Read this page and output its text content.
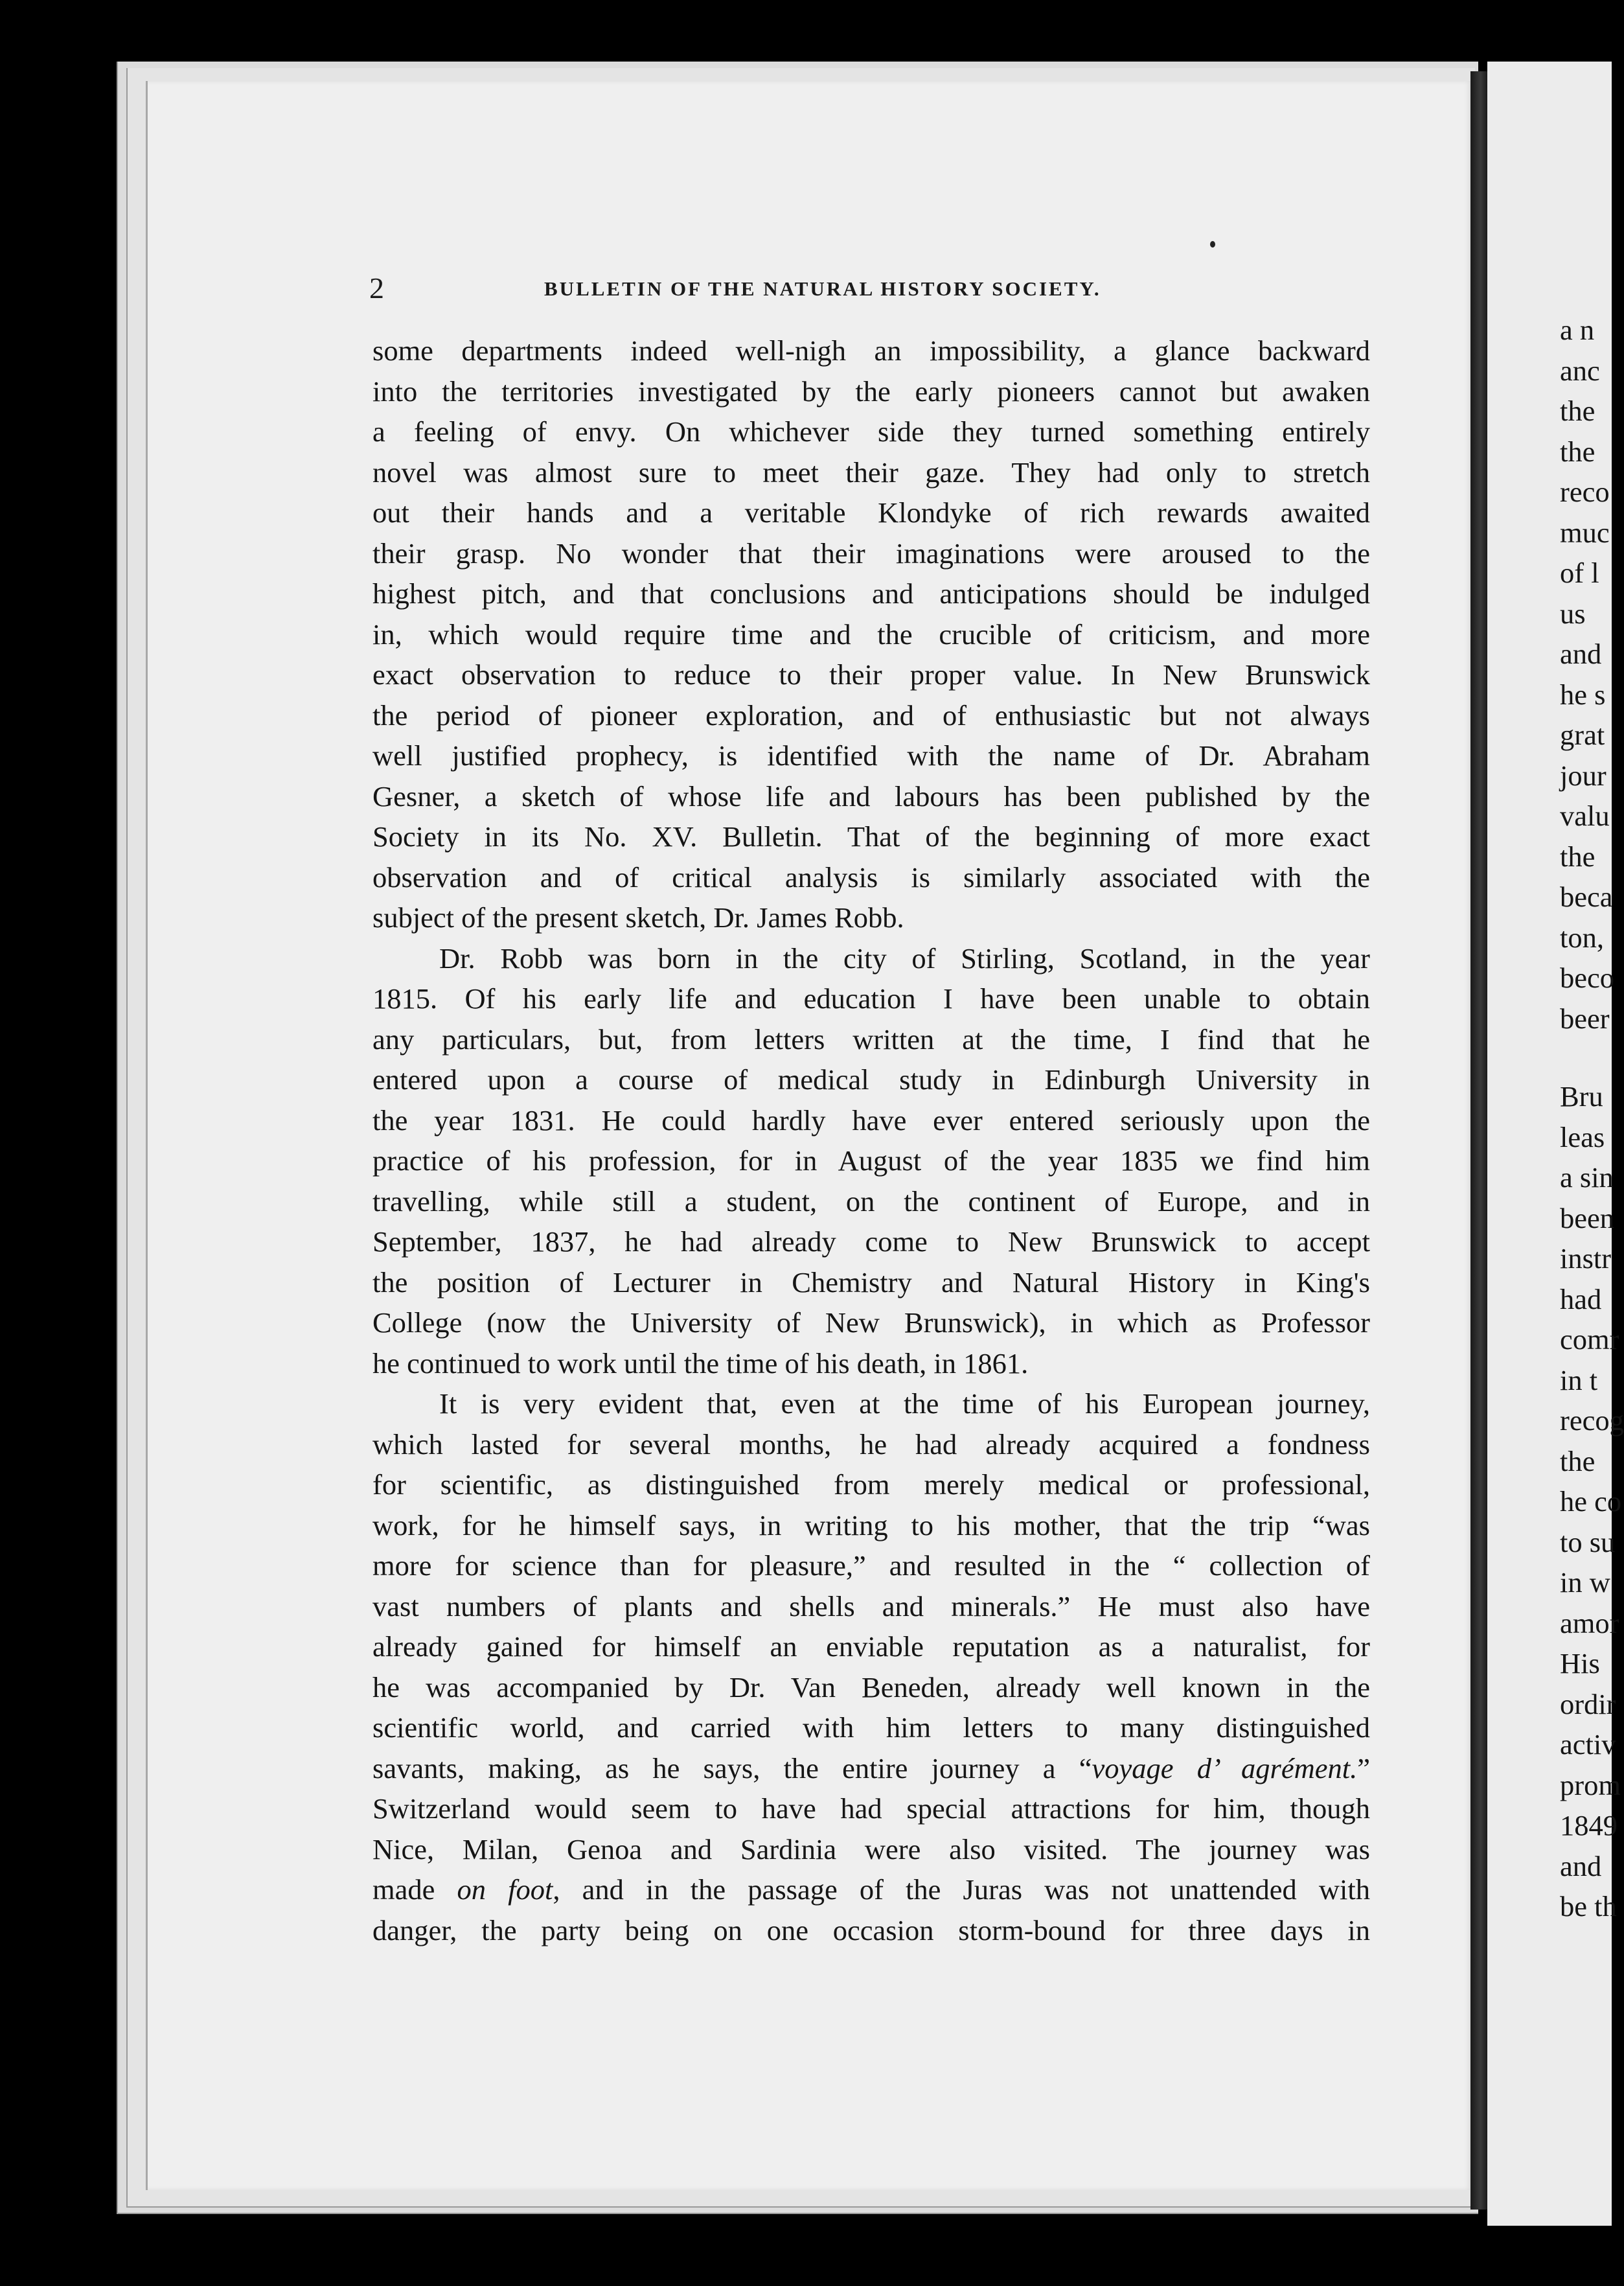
2	BULLETIN OF THE NATURAL HISTORY SOCIETY.
some departments indeed well-nigh an impossibility, a glance backward
into the territories investigated by the early pioneers cannot but awaken
a feeling of envy. On whichever side they turned something entirely
novel was almost sure to meet their gaze. They had only to stretch
out their hands and a veritable Klondyke of rich rewards awaited
their grasp. No wonder that their imaginations were aroused to the
highest pitch, and that conclusions and anticipations should be indulged
in, which would require time and the crucible of criticism, and more
exact observation to reduce to their proper value. In New Brunswick
the period of pioneer exploration, and of enthusiastic but not always
well justified prophecy, is identified with the name of Dr. Abraham
Gesner, a sketch of whose life and labours has been published by the
Society in its No. XV. Bulletin. That of the beginning of more exact
observation and of critical analysis is similarly associated with the
subject of the present sketch, Dr. James Robb.
Dr. Robb was born in the city of Stirling, Scotland, in the year
1815. Of his early life and education I have been unable to obtain
any particulars, but, from letters written at the time, I find that he
entered upon a course of medical study in Edinburgh University in
the year 1831. He could hardly have ever entered seriously upon the
practice of his profession, for in August of the year 1835 we find him
travelling, while still a student, on the continent of Europe, and in
September, 1837, he had already come to New Brunswick to accept
the position of Lecturer in Chemistry and Natural History in King's
College (now the University of New Brunswick), in which as Professor
he continued to work until the time of his death, in 1861.
It is very evident that, even at the time of his European journey,
which lasted for several months, he had already acquired a fondness
for scientific, as distinguished from merely medical or professional,
work, for he himself says, in writing to his mother, that the trip “was
more for science than for pleasure,” and resulted in the “ collection of
vast numbers of plants and shells and minerals.” He must also have
already gained for himself an enviable reputation as a naturalist, for
he was accompanied by Dr. Van Beneden, already well known in the
scientific world, and carried with him letters to many distinguished
savants, making, as he says, the entire journey a “voyage d’ agrément.”
Switzerland would seem to have had special attractions for him, though
Nice, Milan, Genoa and Sardinia were also visited. The journey was
made on foot, and in the passage of the Juras was not unattended with
danger, the party being on one occasion storm-bound for three days in
a n
anc
the
the
reco
muc
of l
us
and
he s
grat
jour
valu
the
beca
ton,
beco
beer
Bru
leas
a sin
been
instr
had
comr
in t
recog
the
he co
to su
in w
amor
His
ordir
activ
prom
1849
and
be th
